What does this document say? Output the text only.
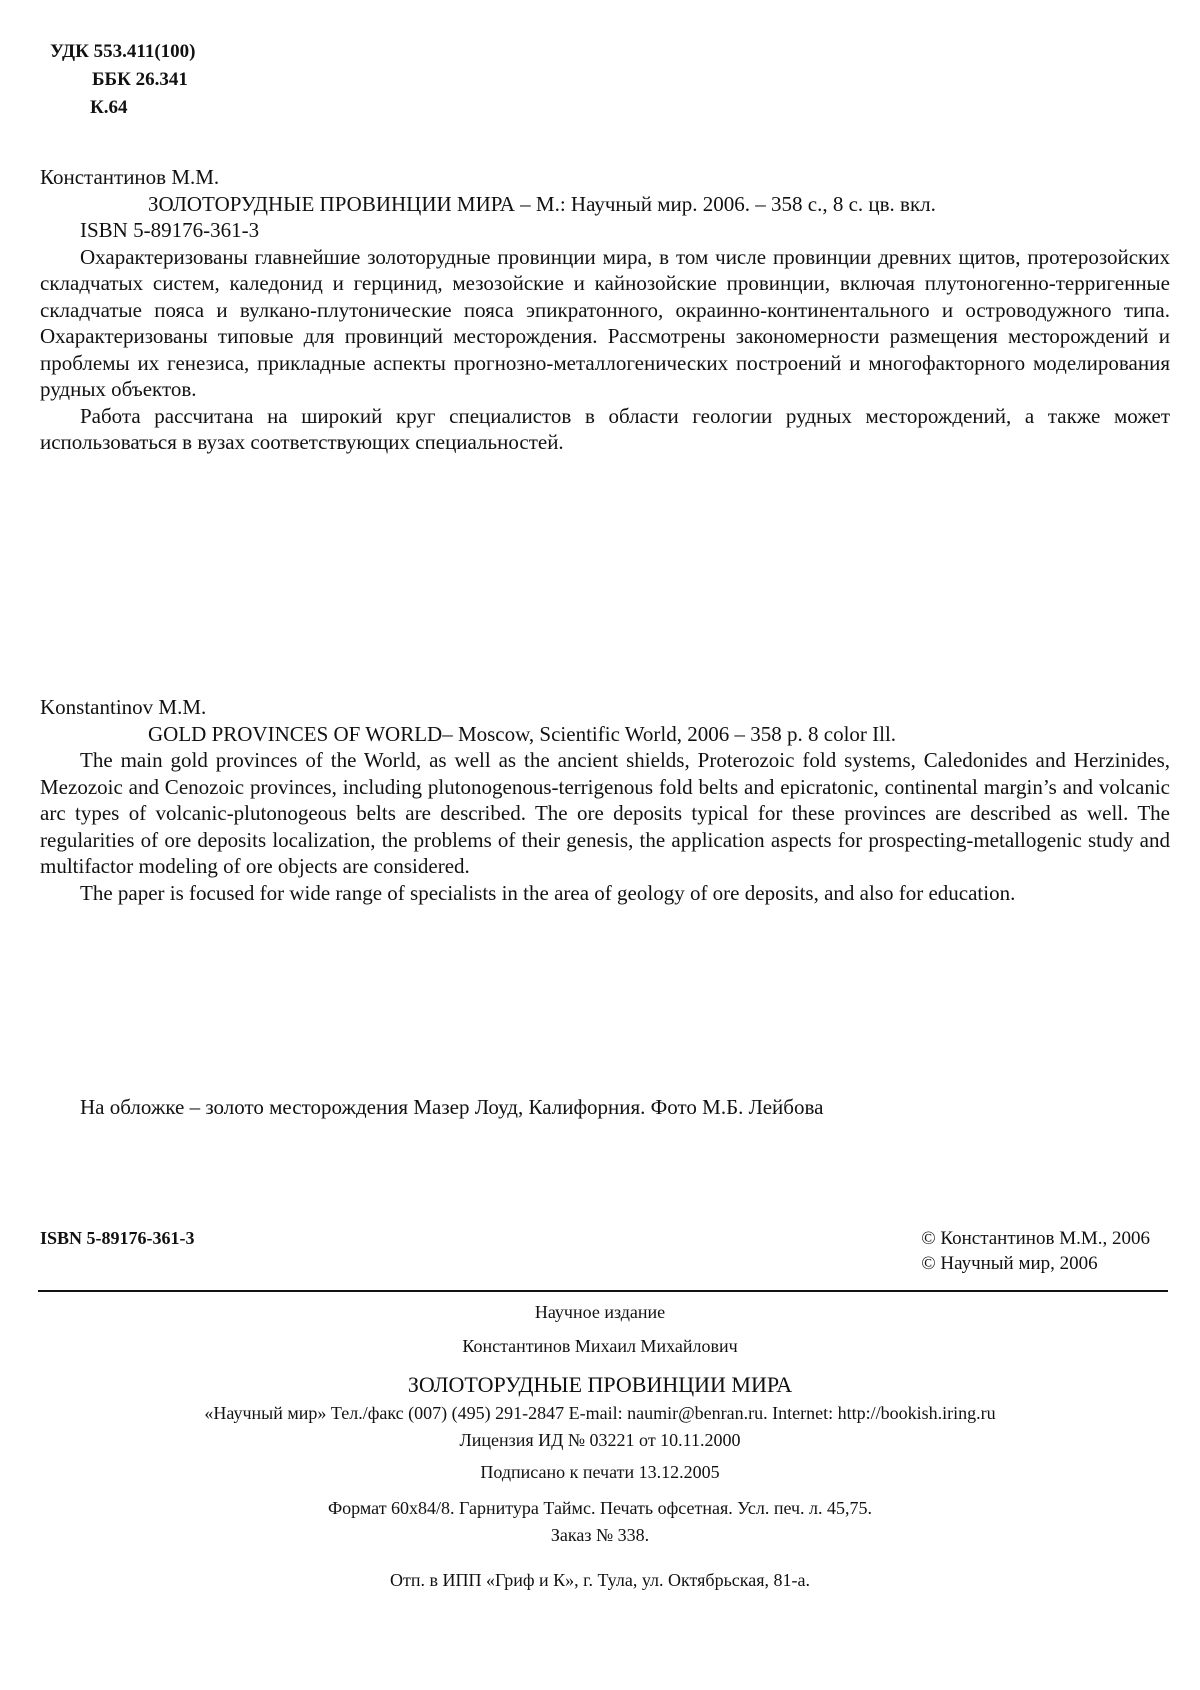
УДК 553.411(100)
ББК 26.341
К.64
Константинов М.М.
ЗОЛОТОРУДНЫЕ ПРОВИНЦИИ МИРА – М.: Научный мир. 2006. – 358 с., 8 с. цв. вкл.
ISBN 5-89176-361-3

Охарактеризованы главнейшие золоторудные провинции мира, в том числе провинции древних щитов, протерозойских складчатых систем, каледонид и герцинид, мезозойские и кайнозойские провинции, включая плутоногенно-терригенные складчатые пояса и вулкано-плутонические пояса эпикратонного, окраинно-континентального и островодужного типа. Охарактеризованы типовые для провинций месторождения. Рассмотрены закономерности размещения месторождений и проблемы их генезиса, прикладные аспекты прогнозно-металлогенических построений и многофакторного моделирования рудных объектов.

Работа рассчитана на широкий круг специалистов в области геологии рудных месторождений, а также может использоваться в вузах соответствующих специальностей.

Konstantinov M.M.
GOLD PROVINCES OF WORLD– Moscow, Scientific World, 2006 – 358 p. 8 color Ill.

The main gold provinces of the World, as well as the ancient shields, Proterozoic fold systems, Caledonides and Herzinides, Mezozoic and Cenozoic provinces, including plutonogenous-terrigenous fold belts and epicratonic, continental margin’s and volcanic arc types of volcanic-plutonogeous belts are described. The ore deposits typical for these provinces are described as well. The regularities of ore deposits localization, the problems of their genesis, the application aspects for prospecting-metallogenic study and multifactor modeling of ore objects are considered.

The paper is focused for wide range of specialists in the area of geology of ore deposits, and also for education.

На обложке – золото месторождения Мазер Лоуд, Калифорния. Фото М.Б. Лейбова
ISBN 5-89176-361-3	© Константинов М.М., 2006
© Научный мир, 2006
Научное издание
Константинов Михаил Михайлович
ЗОЛОТОРУДНЫЕ ПРОВИНЦИИ МИРА
«Научный мир» Тел./факс (007) (495) 291-2847 E-mail: naumir@benran.ru. Internet: http://bookish.iring.ru
Лицензия ИД № 03221 от 10.11.2000
Подписано к печати 13.12.2005
Формат 60x84/8. Гарнитура Таймс. Печать офсетная. Усл. печ. л. 45,75.
Заказ № 338.
Отп. в ИПП «Гриф и К», г. Тула, ул. Октябрьская, 81-а.
